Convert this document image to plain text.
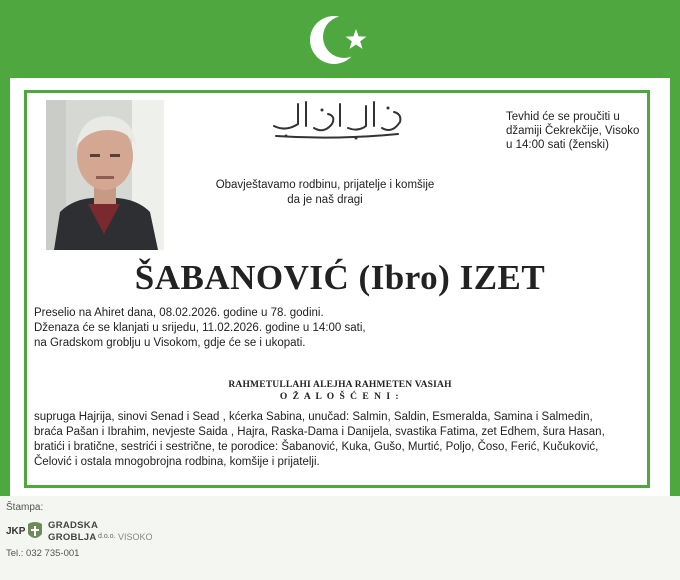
Tevhid će se proučiti u
džamiji Čekrekčije, Visoko
u 14:00 sati (ženski)
Obavještavamo rodbinu, prijatelje i komšije
da je naš dragi
ŠABANOVIĆ (Ibro) IZET
Preselio na Ahiret dana, 08.02.2026. godine u 78. godini.
Dženaza će se klanjati u srijedu, 11.02.2026. godine u 14:00 sati,
na Gradskom groblju u Visokom, gdje će se i ukopati.
RAHMETULLAHI ALEJHA RAHMETEN VASIAH
O Ž A L O Š Ć E N I :
supruga Hajrija, sinovi Senad i Sead , kćerka Sabina, unučad: Salmin, Saldin, Esmeralda, Samina i Salmedin,
braća Pašan i Ibrahim, nevjeste Saida , Hajra, Raska-Dama i Danijela, svastika Fatima, zet Edhem, šura Hasan,
bratići i bratične, sestrići i sestrične, te porodice: Šabanović, Kuka, Gušo, Murtić, Poljo, Čoso, Ferić, Kučuković,
Čelović i ostala mnogobrojna rodbina, komšije i prijatelji.
Štampa:
JKP
GRADSKA
GROBLJA d.o.o. VISOKO
Tel.: 032 735-001
